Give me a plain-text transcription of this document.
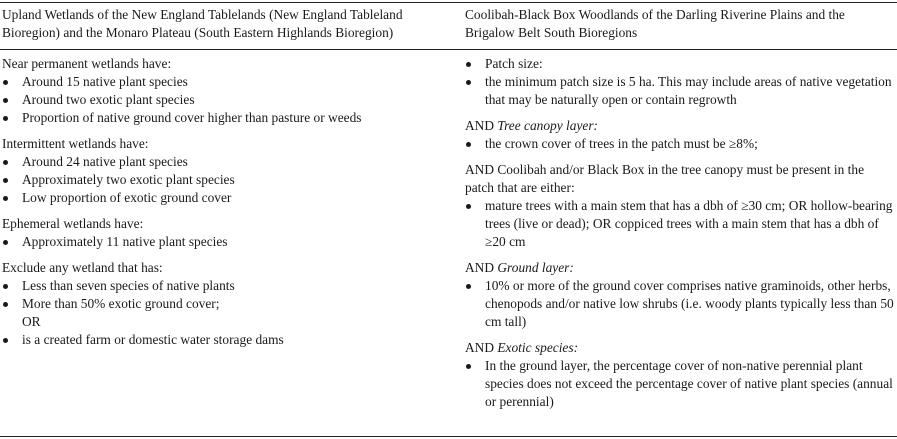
Upland Wetlands of the New England Tablelands (New England Tableland Bioregion) and the Monaro Plateau (South Eastern Highlands Bioregion)

Near permanent wetlands have:

Around 15 native plant species
Around two exotic plant species
Proportion of native ground cover higher than pasture or weeds

Intermittent wetlands have:

Around 24 native plant species
Approximately two exotic plant species
Low proportion of exotic ground cover

Ephemeral wetlands have:

Approximately 11 native plant species

Exclude any wetland that has:

Less than seven species of native plants
More than 50% exotic ground cover;
OR
is a created farm or domestic water storage dams
Coolibah-Black Box Woodlands of the Darling Riverine Plains and the Brigalow Belt South Bioregions
Patch size:
the minimum patch size is 5 ha. This may include areas of native vegetation that may be naturally open or contain regrowth

AND Tree canopy layer:

the crown cover of trees in the patch must be ≥8%;

AND Coolibah and/or Black Box in the tree canopy must be present in the patch that are either:

mature trees with a main stem that has a dbh of ≥30 cm; OR hollow-bearing trees (live or dead); OR coppiced trees with a main stem that has a dbh of ≥20 cm

AND Ground layer:

10% or more of the ground cover comprises native graminoids, other herbs, chenopods and/or native low shrubs (i.e. woody plants typically less than 50 cm tall)

AND Exotic species:

In the ground layer, the percentage cover of non-native perennial plant species does not exceed the percentage cover of native plant species (annual or perennial)
